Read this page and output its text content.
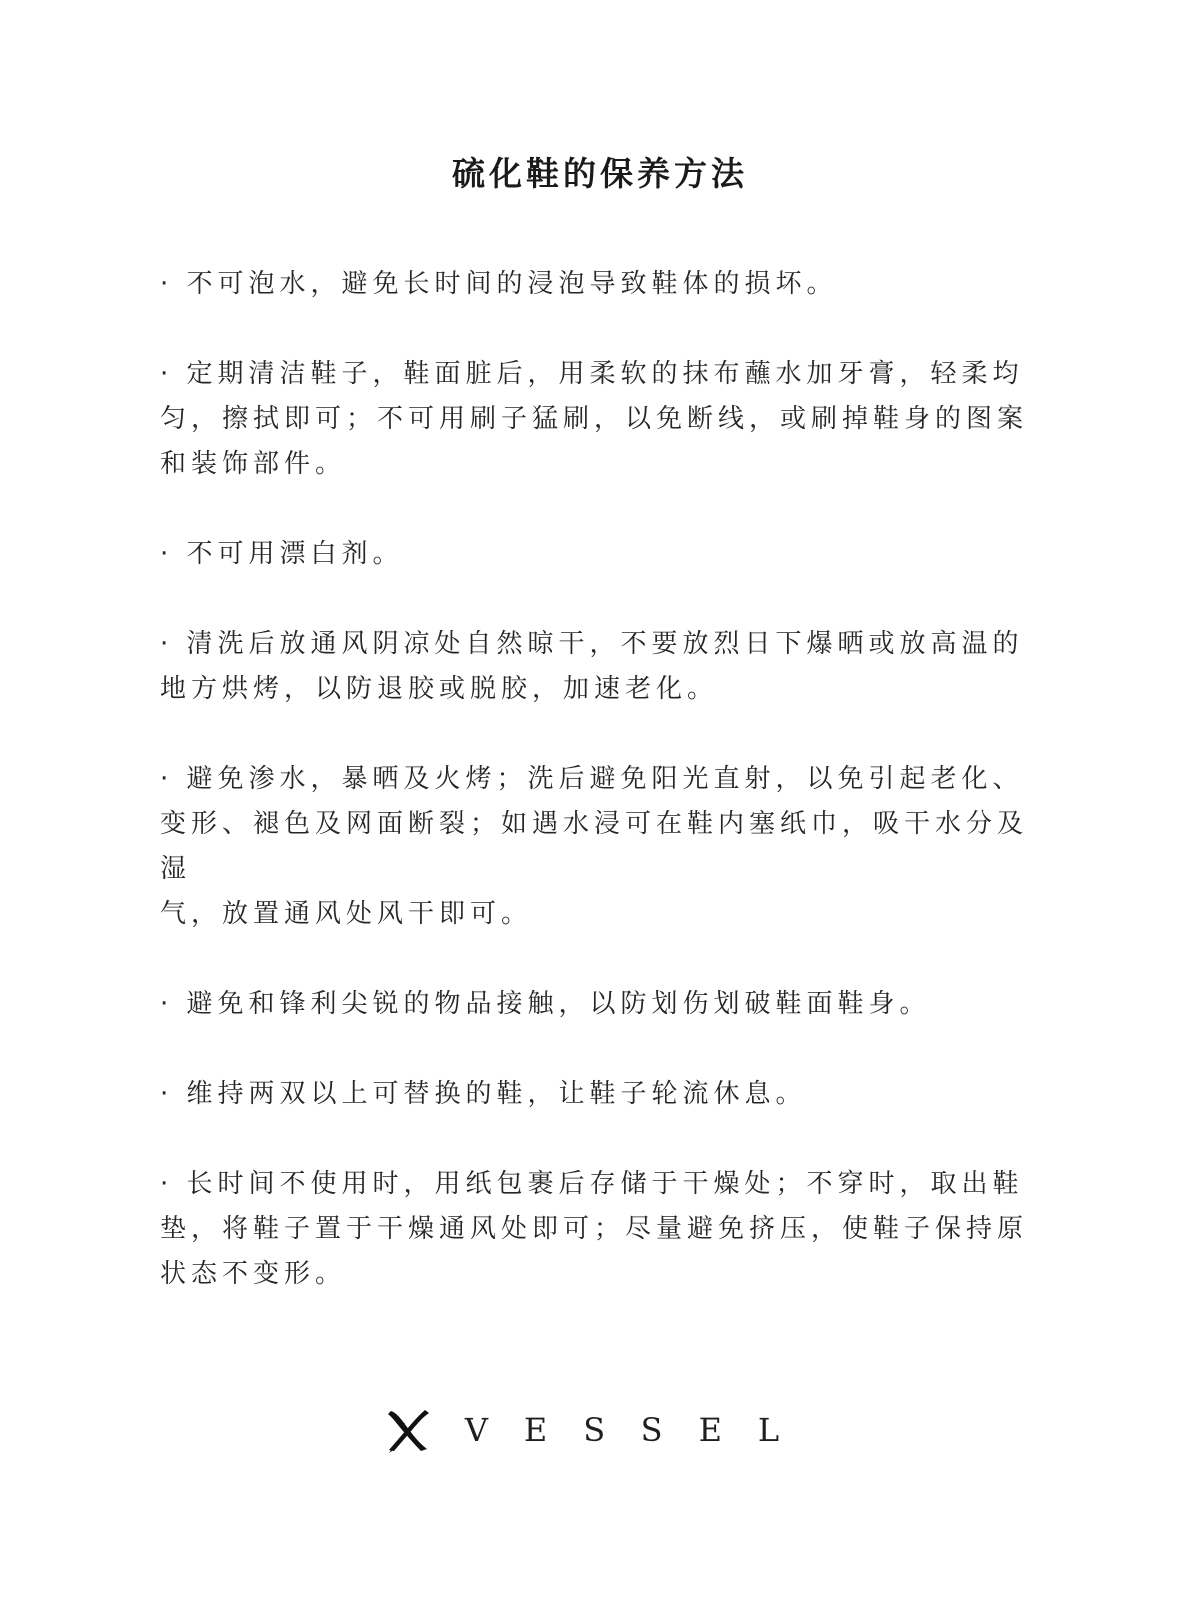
硫化鞋的保养方法

· 不可泡水，避免长时间的浸泡导致鞋体的损坏。

· 定期清洁鞋子，鞋面脏后，用柔软的抹布蘸水加牙膏，轻柔均匀，擦拭即可；不可用刷子猛刷，以免断线，或刷掉鞋身的图案和装饰部件。

· 不可用漂白剂。

· 清洗后放通风阴凉处自然晾干，不要放烈日下爆晒或放高温的地方烘烤，以防退胶或脱胶，加速老化。

· 避免渗水，暴晒及火烤；洗后避免阳光直射，以免引起老化、变形、褪色及网面断裂；如遇水浸可在鞋内塞纸巾，吸干水分及湿
气，放置通风处风干即可。

· 避免和锋利尖锐的物品接触，以防划伤划破鞋面鞋身。

· 维持两双以上可替换的鞋，让鞋子轮流休息。

· 长时间不使用时，用纸包裹后存储于干燥处；不穿时，取出鞋垫，将鞋子置于干燥通风处即可；尽量避免挤压，使鞋子保持原状态不变形。

VESSEL
